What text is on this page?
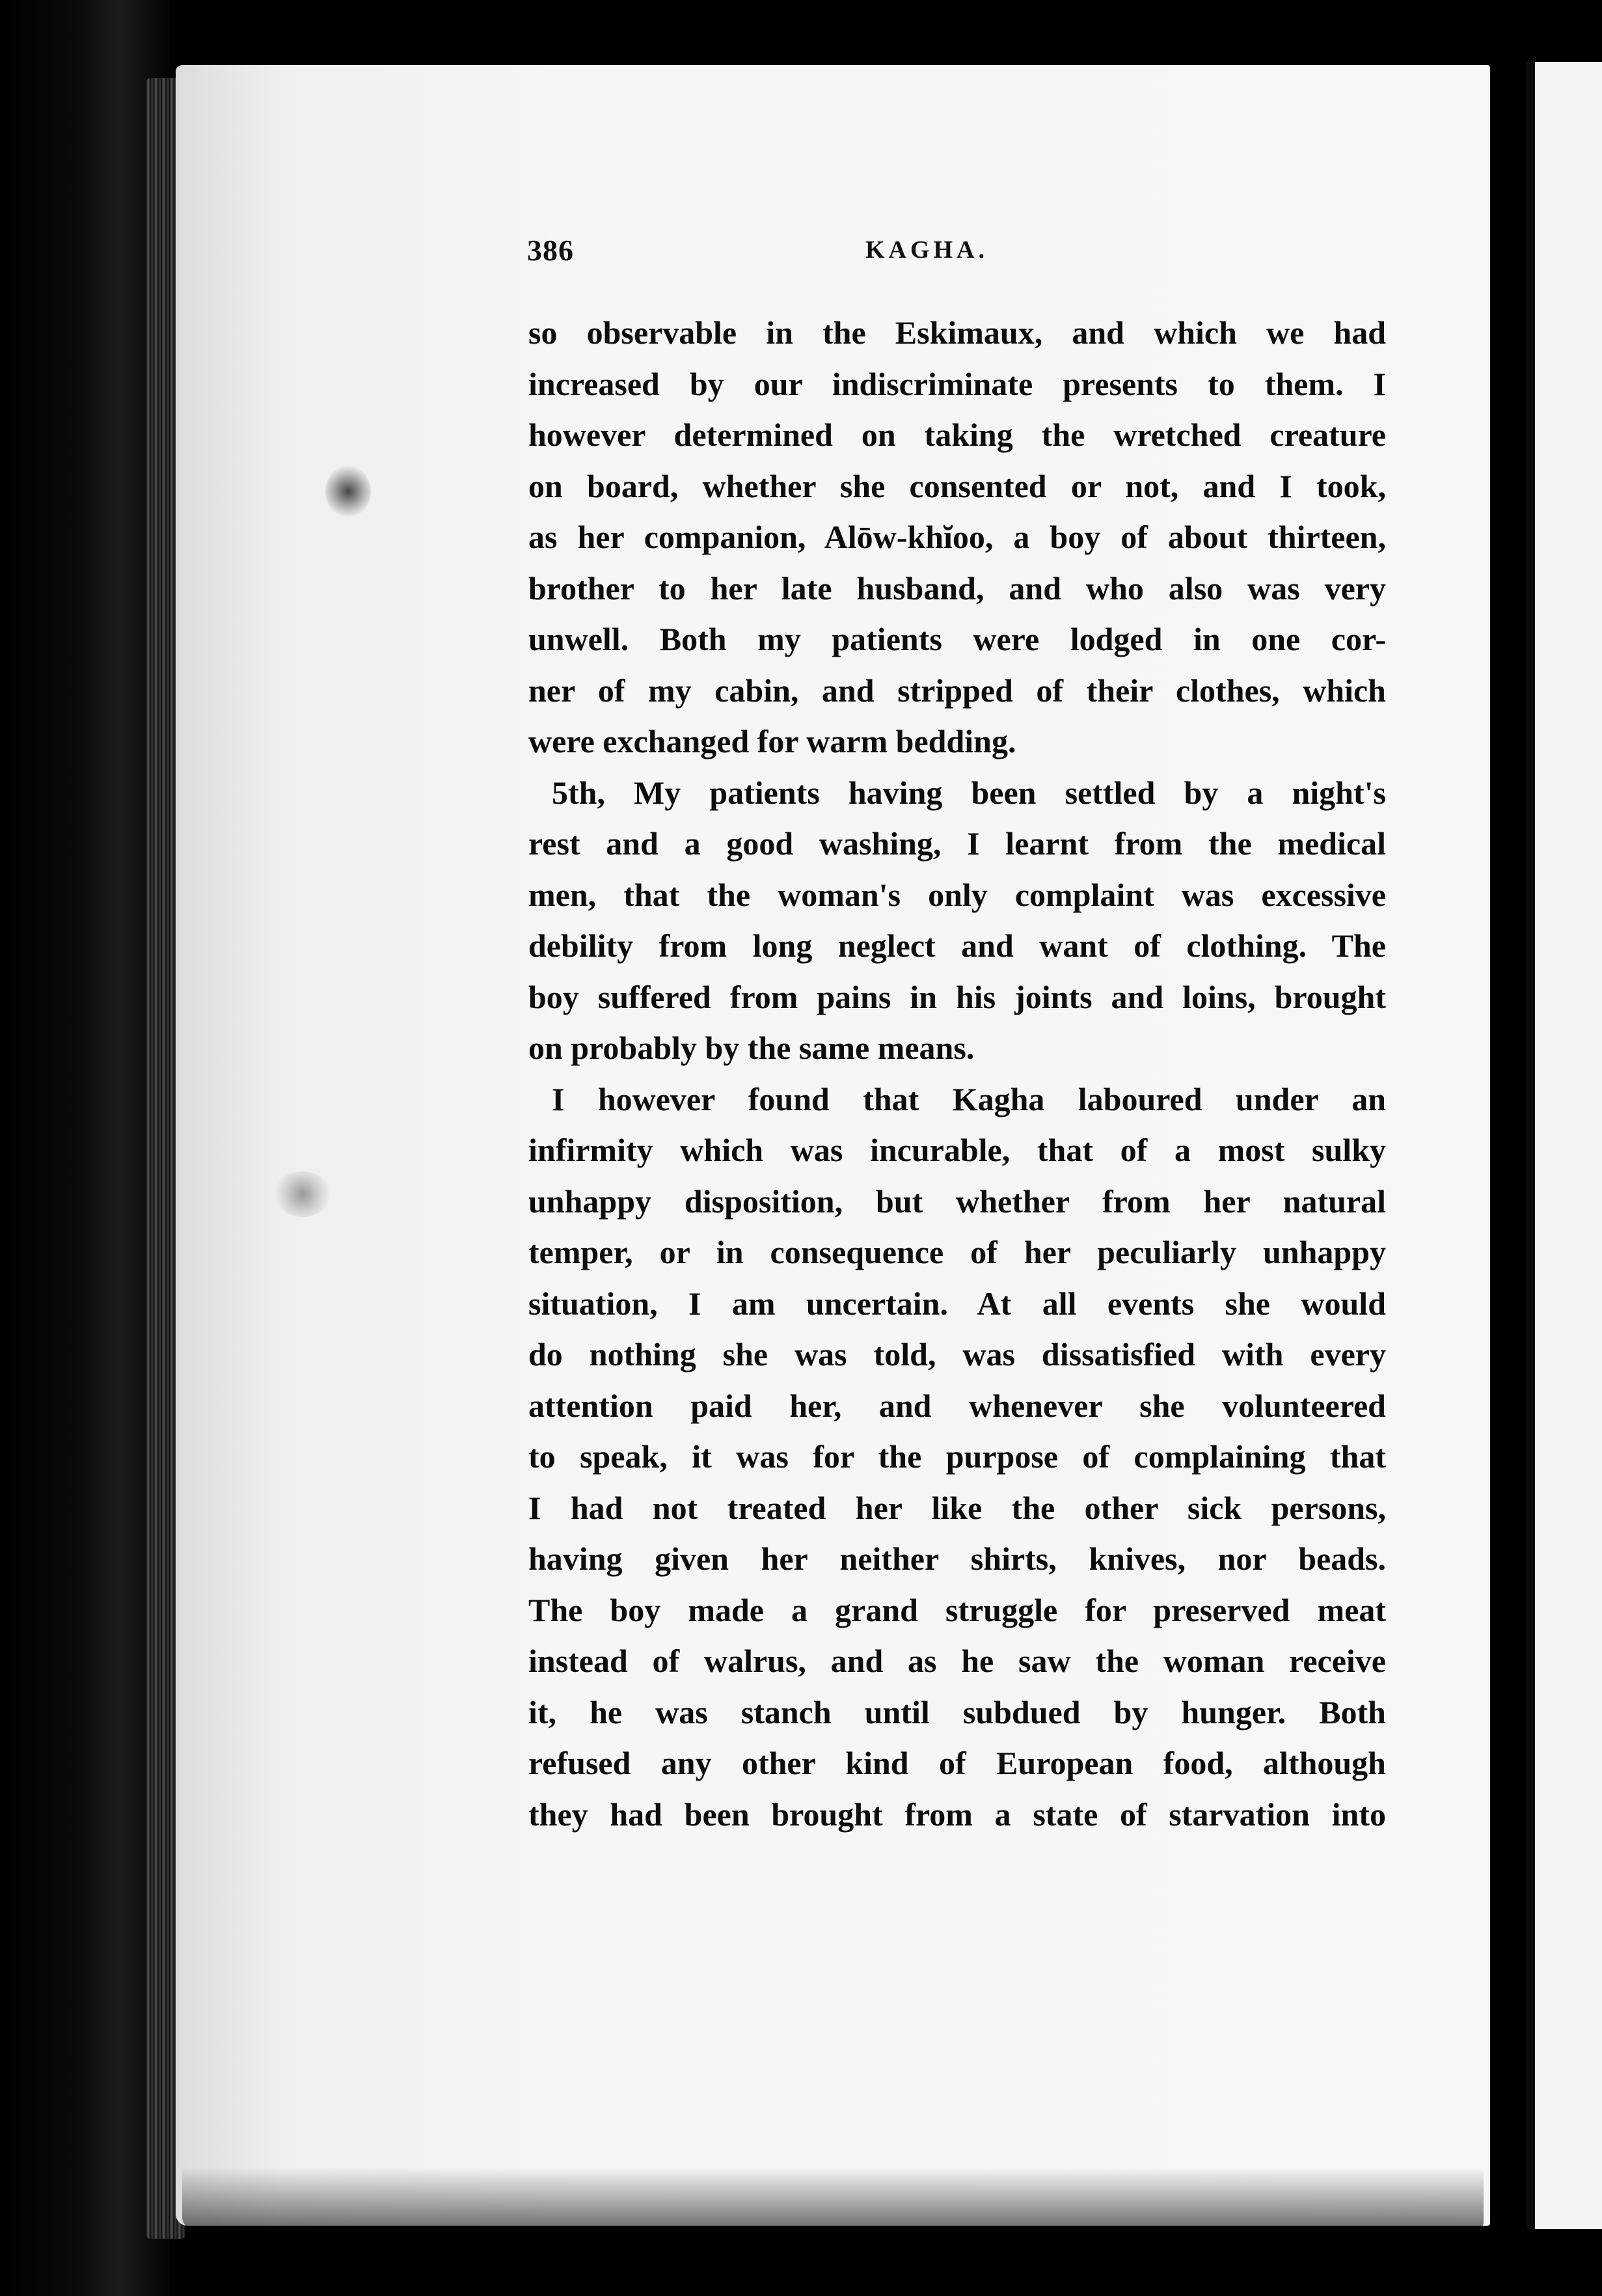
386	KAGHA.
so observable in the Eskimaux, and which we had
increased by our indiscriminate presents to them. I
however determined on taking the wretched creature
on board, whether she consented or not, and I took,
as her companion, Alōw-khĭoo, a boy of about thirteen,
brother to her late husband, and who also was very
unwell. Both my patients were lodged in one cor-
ner of my cabin, and stripped of their clothes, which
were exchanged for warm bedding.
5th, My patients having been settled by a night's
rest and a good washing, I learnt from the medical
men, that the woman's only complaint was excessive
debility from long neglect and want of clothing. The
boy suffered from pains in his joints and loins, brought
on probably by the same means.
I however found that Kagha laboured under an
infirmity which was incurable, that of a most sulky
unhappy disposition, but whether from her natural
temper, or in consequence of her peculiarly unhappy
situation, I am uncertain. At all events she would
do nothing she was told, was dissatisfied with every
attention paid her, and whenever she volunteered
to speak, it was for the purpose of complaining that
I had not treated her like the other sick persons,
having given her neither shirts, knives, nor beads.
The boy made a grand struggle for preserved meat
instead of walrus, and as he saw the woman receive
it, he was stanch until subdued by hunger. Both
refused any other kind of European food, although
they had been brought from a state of starvation into
